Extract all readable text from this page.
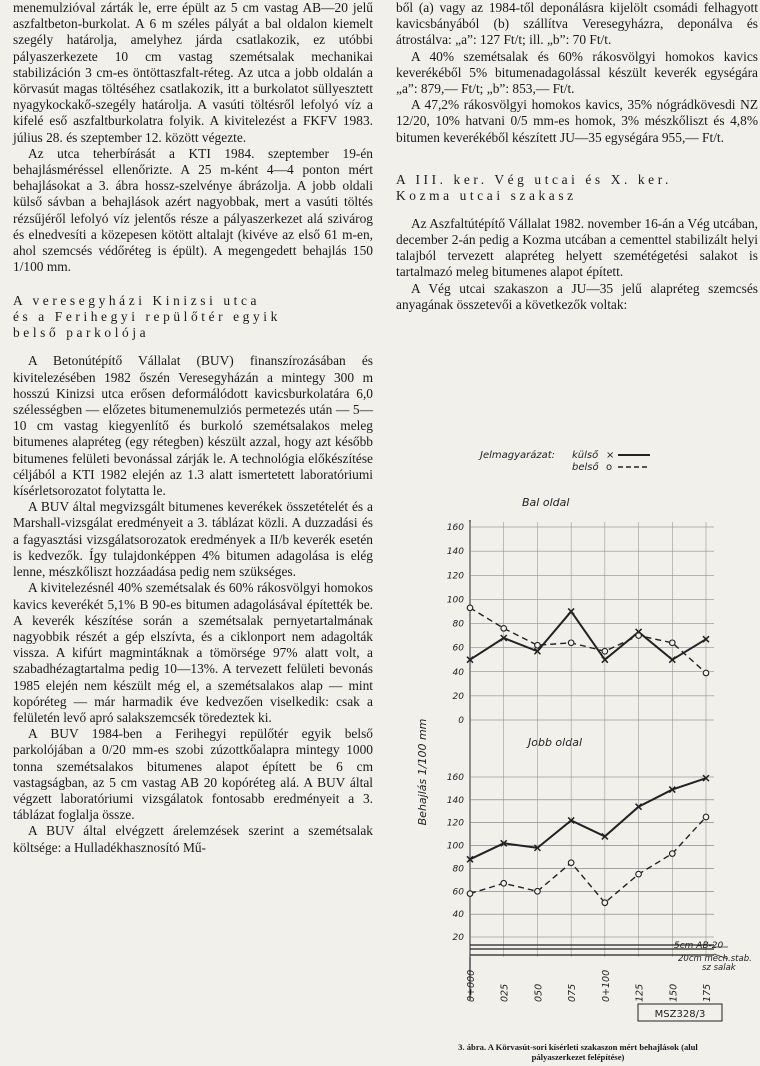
menemulzióval zárták le, erre épült az 5 cm vastag AB—20 jelű aszfaltbeton-burkolat. A 6 m széles pályát a bal oldalon kiemelt szegély határolja, amelyhez járda csatlakozik, ez utóbbi pályaszerkezete 10 cm vastag szemétsalak mechanikai stabilizáción 3 cm-es öntöttaszfalt-réteg. Az utca a jobb oldalán a körvasút magas töltéséhez csatlakozik, itt a burkolatot süllyesztett nyagykockakő-szegély határolja. A vasúti töltésről lefolyó víz a kifelé eső aszfaltburkolatra folyik. A kivitelezést a FKFV 1983. július 28. és szeptember 12. között végezte.

Az utca teherbírását a KTI 1984. szeptember 19-én behajlásméréssel ellenőrizte. A 25 m-ként 4—4 ponton mért behajlásokat a 3. ábra hossz-szelvénye ábrázolja. A jobb oldali külső sávban a behajlások azért nagyobbak, mert a vasúti töltés rézsűjéről lefolyó víz jelentős része a pályaszerkezet alá szivárog és elnedvesíti a közepesen kötött altalajt (kivéve az első 61 m-en, ahol szemcsés védőréteg is épült). A megengedett behajlás 150 1/100 mm.

A veresegyházi Kinizsi utca
és a Ferihegyi repülőtér egyik
belső parkolója

A Betonútépítő Vállalat (BUV) finanszírozásában és kivitelezésében 1982 őszén Veresegyházán a mintegy 300 m hosszú Kinizsi utca erősen deformálódott kavicsburkolatára 6,0 szélességben — előzetes bitumenemulziós permetezés után — 5—10 cm vastag kiegyenlítő és burkoló szemétsalakos meleg bitumenes alapréteg (egy rétegben) készült azzal, hogy azt később bitumenes felületi bevonással zárják le. A technológia előkészítése céljából a KTI 1982 elején az 1.3 alatt ismertetett laboratóriumi kísérletsorozatot folytatta le.

A BUV által megvizsgált bitumenes keverékek összetételét és a Marshall-vizsgálat eredményeit a 3. táblázat közli. A duzzadási és a fagyasztási vizsgálatsorozatok eredmények a II/b keverék esetén is kedvezők. Így tulajdonképpen 4% bitumen adagolása is elég lenne, mészkőliszt hozzáadása pedig nem szükséges.

A kivitelezésnél 40% szemétsalak és 60% rákosvölgyi homokos kavics keverékét 5,1% B 90-es bitumen adagolásával építették be. A keverék készítése során a szemétsalak pernyetartalmának nagyobbik részét a gép elszívta, és a ciklonport nem adagolták vissza. A kifúrt magmintáknak a tömörsége 97% alatt volt, a szabadhézagtartalma pedig 10—13%. A tervezett felületi bevonás 1985 elején nem készült még el, a szemétsalakos alap — mint kopóréteg — már harmadik éve kedvezően viselkedik: csak a felületén levő apró salakszemcsék töredeztek ki.

A BUV 1984-ben a Ferihegyi repülőtér egyik belső parkolójában a 0/20 mm-es szobi zúzottkőalapra mintegy 1000 tonna szemétsalakos bitumenes alapot épített be 6 cm vastagságban, az 5 cm vastag AB 20 kopóréteg alá. A BUV által végzett laboratóriumi vizsgálatok fontosabb eredményeit a 3. táblázat foglalja össze.

A BUV által elvégzett árelemzések szerint a szemétsalak költsége: a Hulladékhasznosító Mű-

ből (a) vagy az 1984-től deponálásra kijelölt csomádi felhagyott kavicsbányából (b) szállítva Veresegyházra, deponálva és átrostálva: „a”: 127 Ft/t; ill. „b”: 70 Ft/t.

A 40% szemétsalak és 60% rákosvölgyi homokos kavics keverékéből 5% bitumenadagolással készült keverék egységára „a”: 879,— Ft/t; „b”: 853,— Ft/t.

A 47,2% rákosvölgyi homokos kavics, 35% nógrádkövesdi NZ 12/20, 10% hatvani 0/5 mm-es homok, 3% mészkőliszt és 4,8% bitumen keverékéből készített JU—35 egységára 955,— Ft/t.

A III. ker. Vég utcai és X. ker.
Kozma utcai szakasz

Az Aszfaltútépítő Vállalat 1982. november 16-án a Vég utcában, december 2-án pedig a Kozma utcában a cementtel stabilizált helyi talajból tervezett alapréteg helyett szemétégetési salakot is tartalmazó meleg bitumenes alapot épített.

A Vég utcai szakaszon a JU—35 jelű alapréteg szemcsés anyagának összetevői a következők voltak:

Jelmagyarázat: külső ×
belső o
Bal oldal
Jobb oldal
160
140
120
100
80
60
40
20
0
160
140
120
100
80
60
40
20
Behajlás 1/100 mm
5cm AB-20
20cm mech.stab.
sz salak
0+000 025 050 075 0+100 125 150 175
MSZ328/3
3. ábra. A Körvasút-sori kísérleti szakaszon mért behajlások (alul
pályaszerkezet felépítése)
